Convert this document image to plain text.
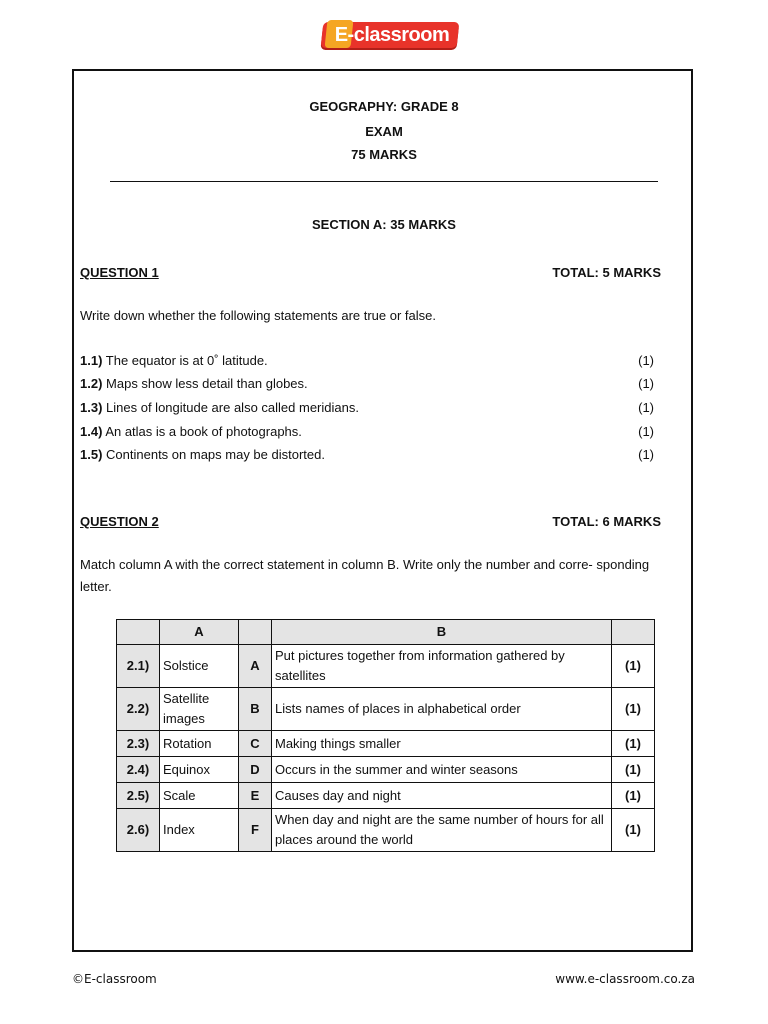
E-classroom
GEOGRAPHY: GRADE 8
EXAM
75 MARKS
SECTION A: 35 MARKS
QUESTION 1	TOTAL: 5 MARKS
Write down whether the following statements are true or false.
1.1) The equator is at 0˚ latitude.	(1)
1.2) Maps show less detail than globes.	(1)
1.3) Lines of longitude are also called meridians.	(1)
1.4) An atlas is a book of photographs.	(1)
1.5) Continents on maps may be distorted.	(1)
QUESTION 2	TOTAL: 6 MARKS
Match column A with the correct statement in column B. Write only the number and corre- sponding letter.
	A		B	
2.1)	Solstice	A	Put pictures together from information gathered by satellites	(1)
2.2)	Satellite images	B	Lists names of places in alphabetical order	(1)
2.3)	Rotation	C	Making things smaller	(1)
2.4)	Equinox	D	Occurs in the summer and winter seasons	(1)
2.5)	Scale	E	Causes day and night	(1)
2.6)	Index	F	When day and night are the same number of hours for all places around the world	(1)
©E-classroom	www.e-classroom.co.za
